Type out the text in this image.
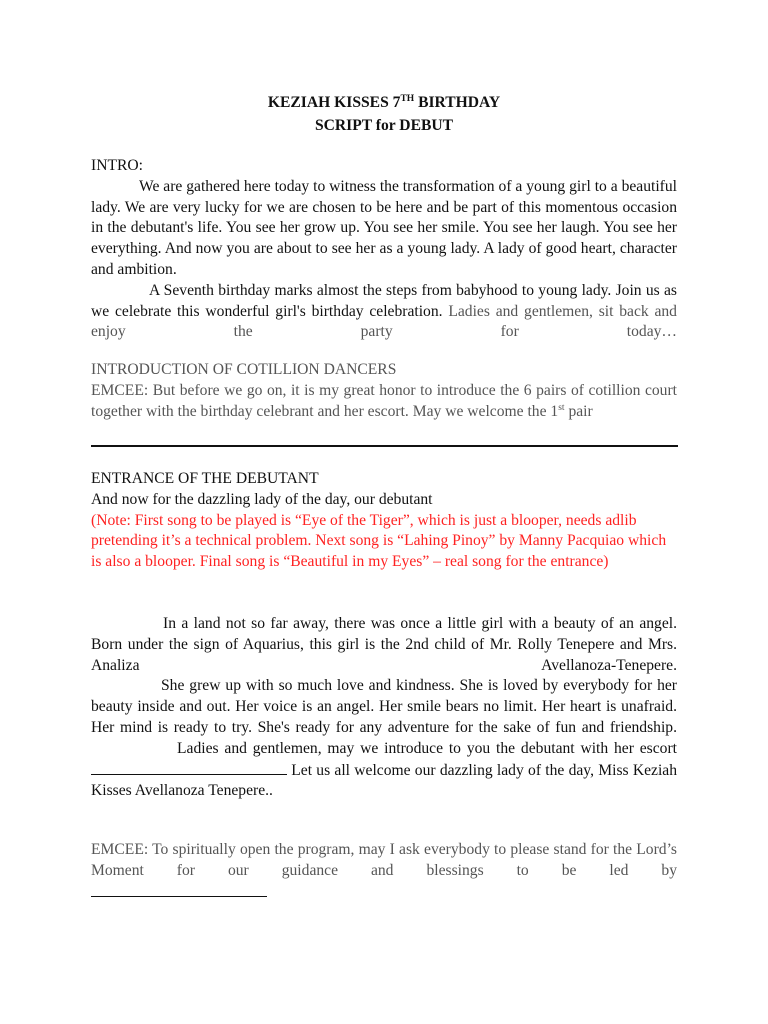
KEZIAH KISSES 7TH BIRTHDAY
SCRIPT for DEBUT

INTRO:

We are gathered here today to witness the transformation of a young girl to a beautiful lady. We are very lucky for we are chosen to be here and be part of this momentous occasion in the debutant's life. You see her grow up. You see her smile. You see her laugh. You see her everything. And now you are about to see her as a young lady. A lady of good heart, character and ambition.

A Seventh birthday marks almost the steps from babyhood to young lady. Join us as we celebrate this wonderful girl's birthday celebration. Ladies and gentlemen, sit back and enjoy the party for today…

INTRODUCTION OF COTILLION DANCERS

EMCEE: But before we go on, it is my great honor to introduce the 6 pairs of cotillion court together with the birthday celebrant and her escort. May we welcome the 1st pair

ENTRANCE OF THE DEBUTANT

And now for the dazzling lady of the day, our debutant

(Note: First song to be played is “Eye of the Tiger”, which is just a blooper, needs adlib pretending it’s a technical problem. Next song is “Lahing Pinoy” by Manny Pacquiao which is also a blooper. Final song is “Beautiful in my Eyes” – real song for the entrance)

In a land not so far away, there was once a little girl with a beauty of an angel. Born under the sign of Aquarius, this girl is the 2nd child of Mr. Rolly Tenepere and Mrs. Analiza Avellanoza-Tenepere.

She grew up with so much love and kindness. She is loved by everybody for her beauty inside and out. Her voice is an angel. Her smile bears no limit. Her heart is unafraid. Her mind is ready to try. She's ready for any adventure for the sake of fun and friendship.

Ladies and gentlemen, may we introduce to you the debutant with her escort  Let us all welcome our dazzling lady of the day, Miss Keziah Kisses Avellanoza Tenepere..

EMCEE: To spiritually open the program, may I ask everybody to please stand for the Lord’s Moment for our guidance and blessings to be led by
